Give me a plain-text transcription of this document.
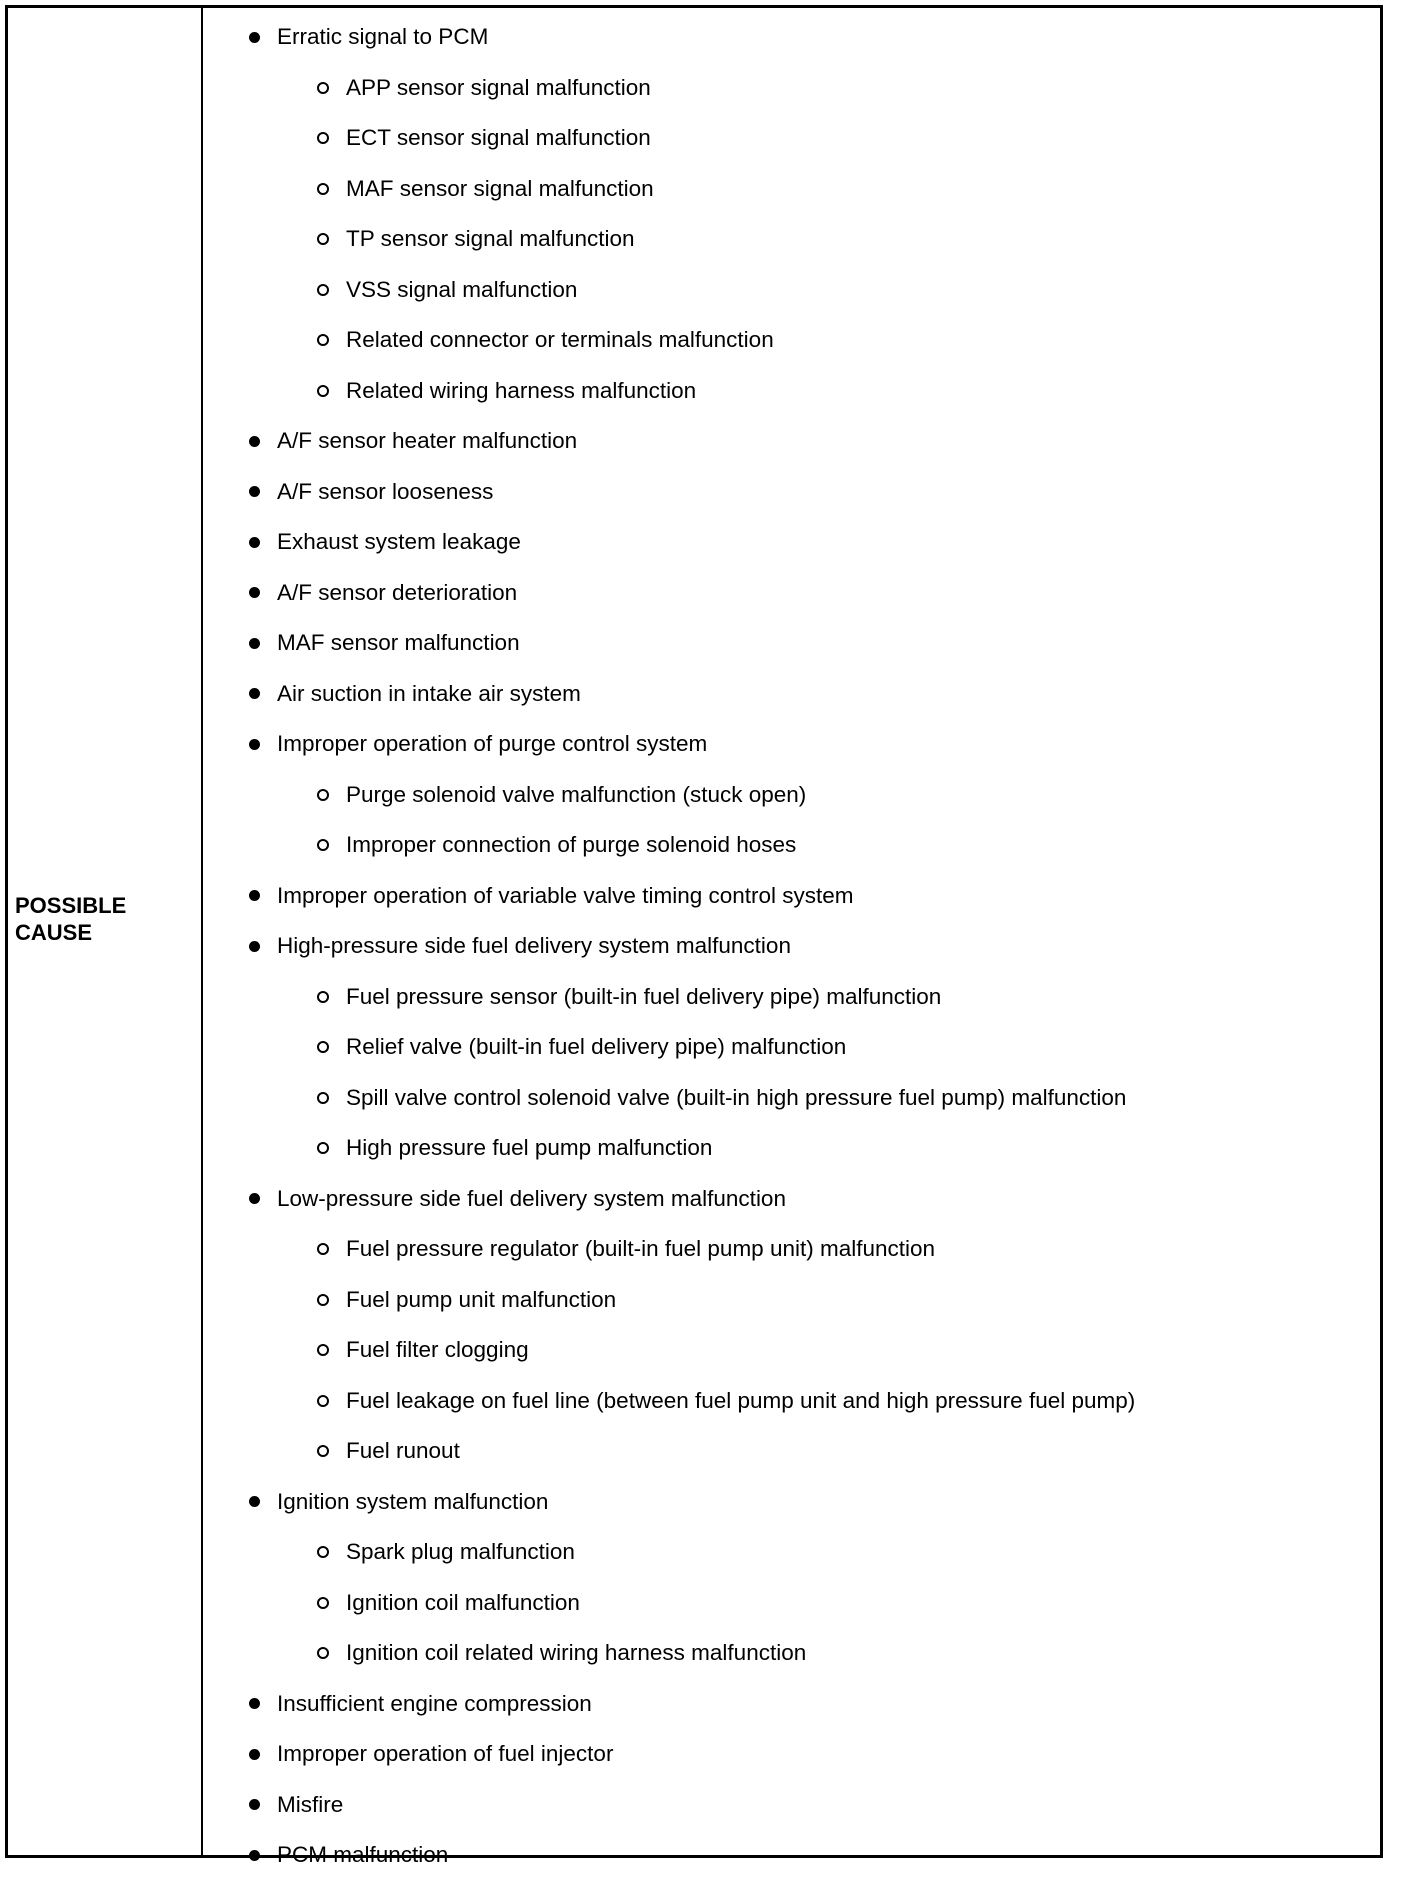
POSSIBLE
CAUSE
Erratic signal to PCM
APP sensor signal malfunction
ECT sensor signal malfunction
MAF sensor signal malfunction
TP sensor signal malfunction
VSS signal malfunction
Related connector or terminals malfunction
Related wiring harness malfunction
A/F sensor heater malfunction
A/F sensor looseness
Exhaust system leakage
A/F sensor deterioration
MAF sensor malfunction
Air suction in intake air system
Improper operation of purge control system
Purge solenoid valve malfunction (stuck open)
Improper connection of purge solenoid hoses
Improper operation of variable valve timing control system
High-pressure side fuel delivery system malfunction
Fuel pressure sensor (built-in fuel delivery pipe) malfunction
Relief valve (built-in fuel delivery pipe) malfunction
Spill valve control solenoid valve (built-in high pressure fuel pump) malfunction
High pressure fuel pump malfunction
Low-pressure side fuel delivery system malfunction
Fuel pressure regulator (built-in fuel pump unit) malfunction
Fuel pump unit malfunction
Fuel filter clogging
Fuel leakage on fuel line (between fuel pump unit and high pressure fuel pump)
Fuel runout
Ignition system malfunction
Spark plug malfunction
Ignition coil malfunction
Ignition coil related wiring harness malfunction
Insufficient engine compression
Improper operation of fuel injector
Misfire
PCM malfunction
